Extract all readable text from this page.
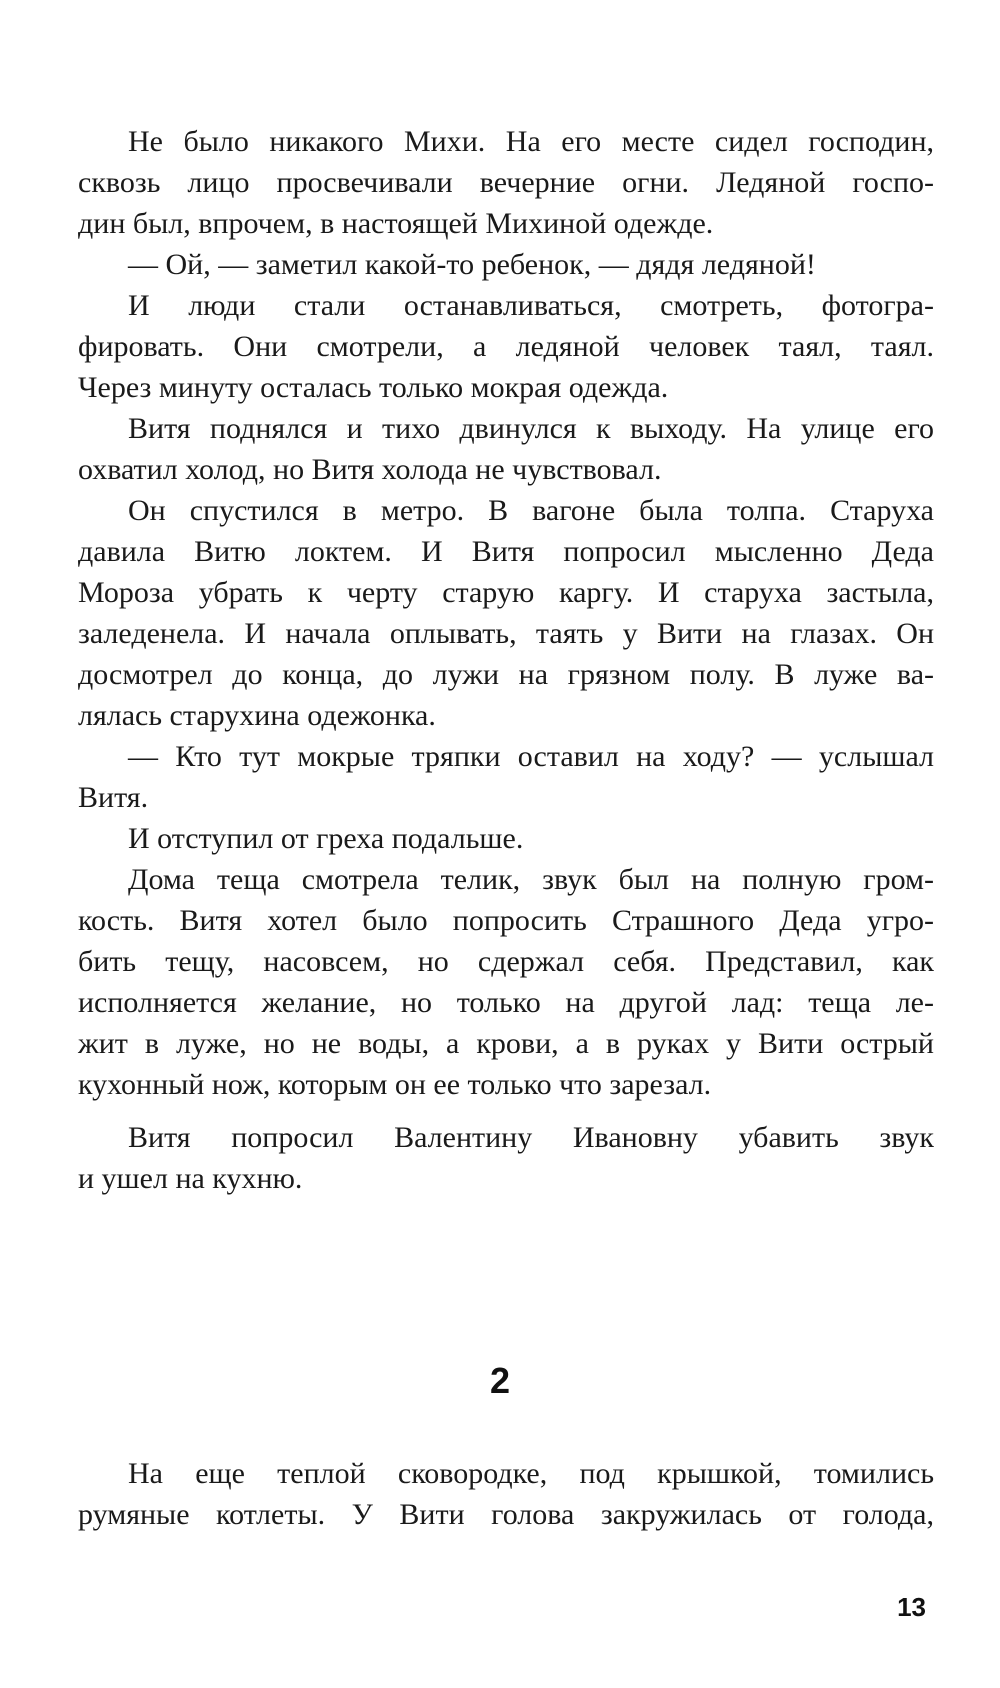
Не было никакого Михи. На его месте сидел господин,
сквозь лицо просвечивали вечерние огни. Ледяной госпо-
дин был, впрочем, в настоящей Михиной одежде.
— Ой, — заметил какой-то ребенок, — дядя ледяной!
И люди стали останавливаться, смотреть, фотогра-
фировать. Они смотрели, а ледяной человек таял, таял.
Через минуту осталась только мокрая одежда.
Витя поднялся и тихо двинулся к выходу. На улице его
охватил холод, но Витя холода не чувствовал.
Он спустился в метро. В вагоне была толпа. Старуха
давила Витю локтем. И Витя попросил мысленно Деда
Мороза убрать к черту старую каргу. И старуха застыла,
заледенела. И начала оплывать, таять у Вити на глазах. Он
досмотрел до конца, до лужи на грязном полу. В луже ва-
лялась старухина одежонка.
— Кто тут мокрые тряпки оставил на ходу? — услышал
Витя.
И отступил от греха подальше.
Дома теща смотрела телик, звук был на полную гром-
кость. Витя хотел было попросить Страшного Деда угро-
бить тещу, насовсем, но сдержал себя. Представил, как
исполняется желание, но только на другой лад: теща ле-
жит в луже, но не воды, а крови, а в руках у Вити острый
кухонный нож, которым он ее только что зарезал.
Витя попросил Валентину Ивановну убавить звук
и ушел на кухню.
2
На еще теплой сковородке, под крышкой, томились
румяные котлеты. У Вити голова закружилась от голода,
13
